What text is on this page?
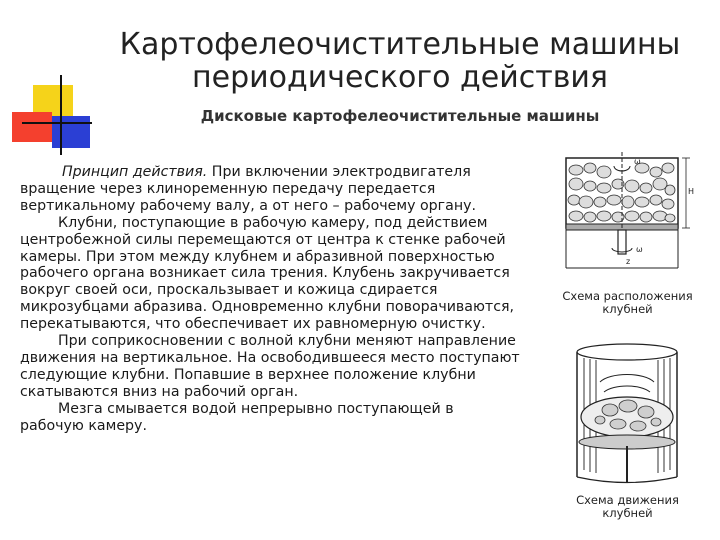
Картофелеочистительные машины
периодического действия
Дисковые картофелеочистительные машины

Принцип действия. При включении электродвигателя вращение через клиноременную передачу передается вертикальному рабочему валу, а от него – рабочему органу.

Клубни, поступающие в рабочую камеру, под действием центробежной силы перемещаются от центра к стенке рабочей камеры. При этом между клубнем и абразивной поверхностью рабочего органа возникает сила трения. Клубень закручивается вокруг своей оси, проскальзывает и кожица сдирается микрозубцами абразива. Одновременно клубни поворачиваются, перекатываются, что обеспечивает их равномерную очистку.

При соприкосновении с волной клубни меняют направление движения на вертикальное. На освободившееся место поступают следующие клубни. Попавшие в верхнее положение клубни скатываются вниз на рабочий орган.

Мезга смывается водой непрерывно поступающей в рабочую камеру.

ω
H
ω
z
Схема расположения клубней
Схема движения клубней
